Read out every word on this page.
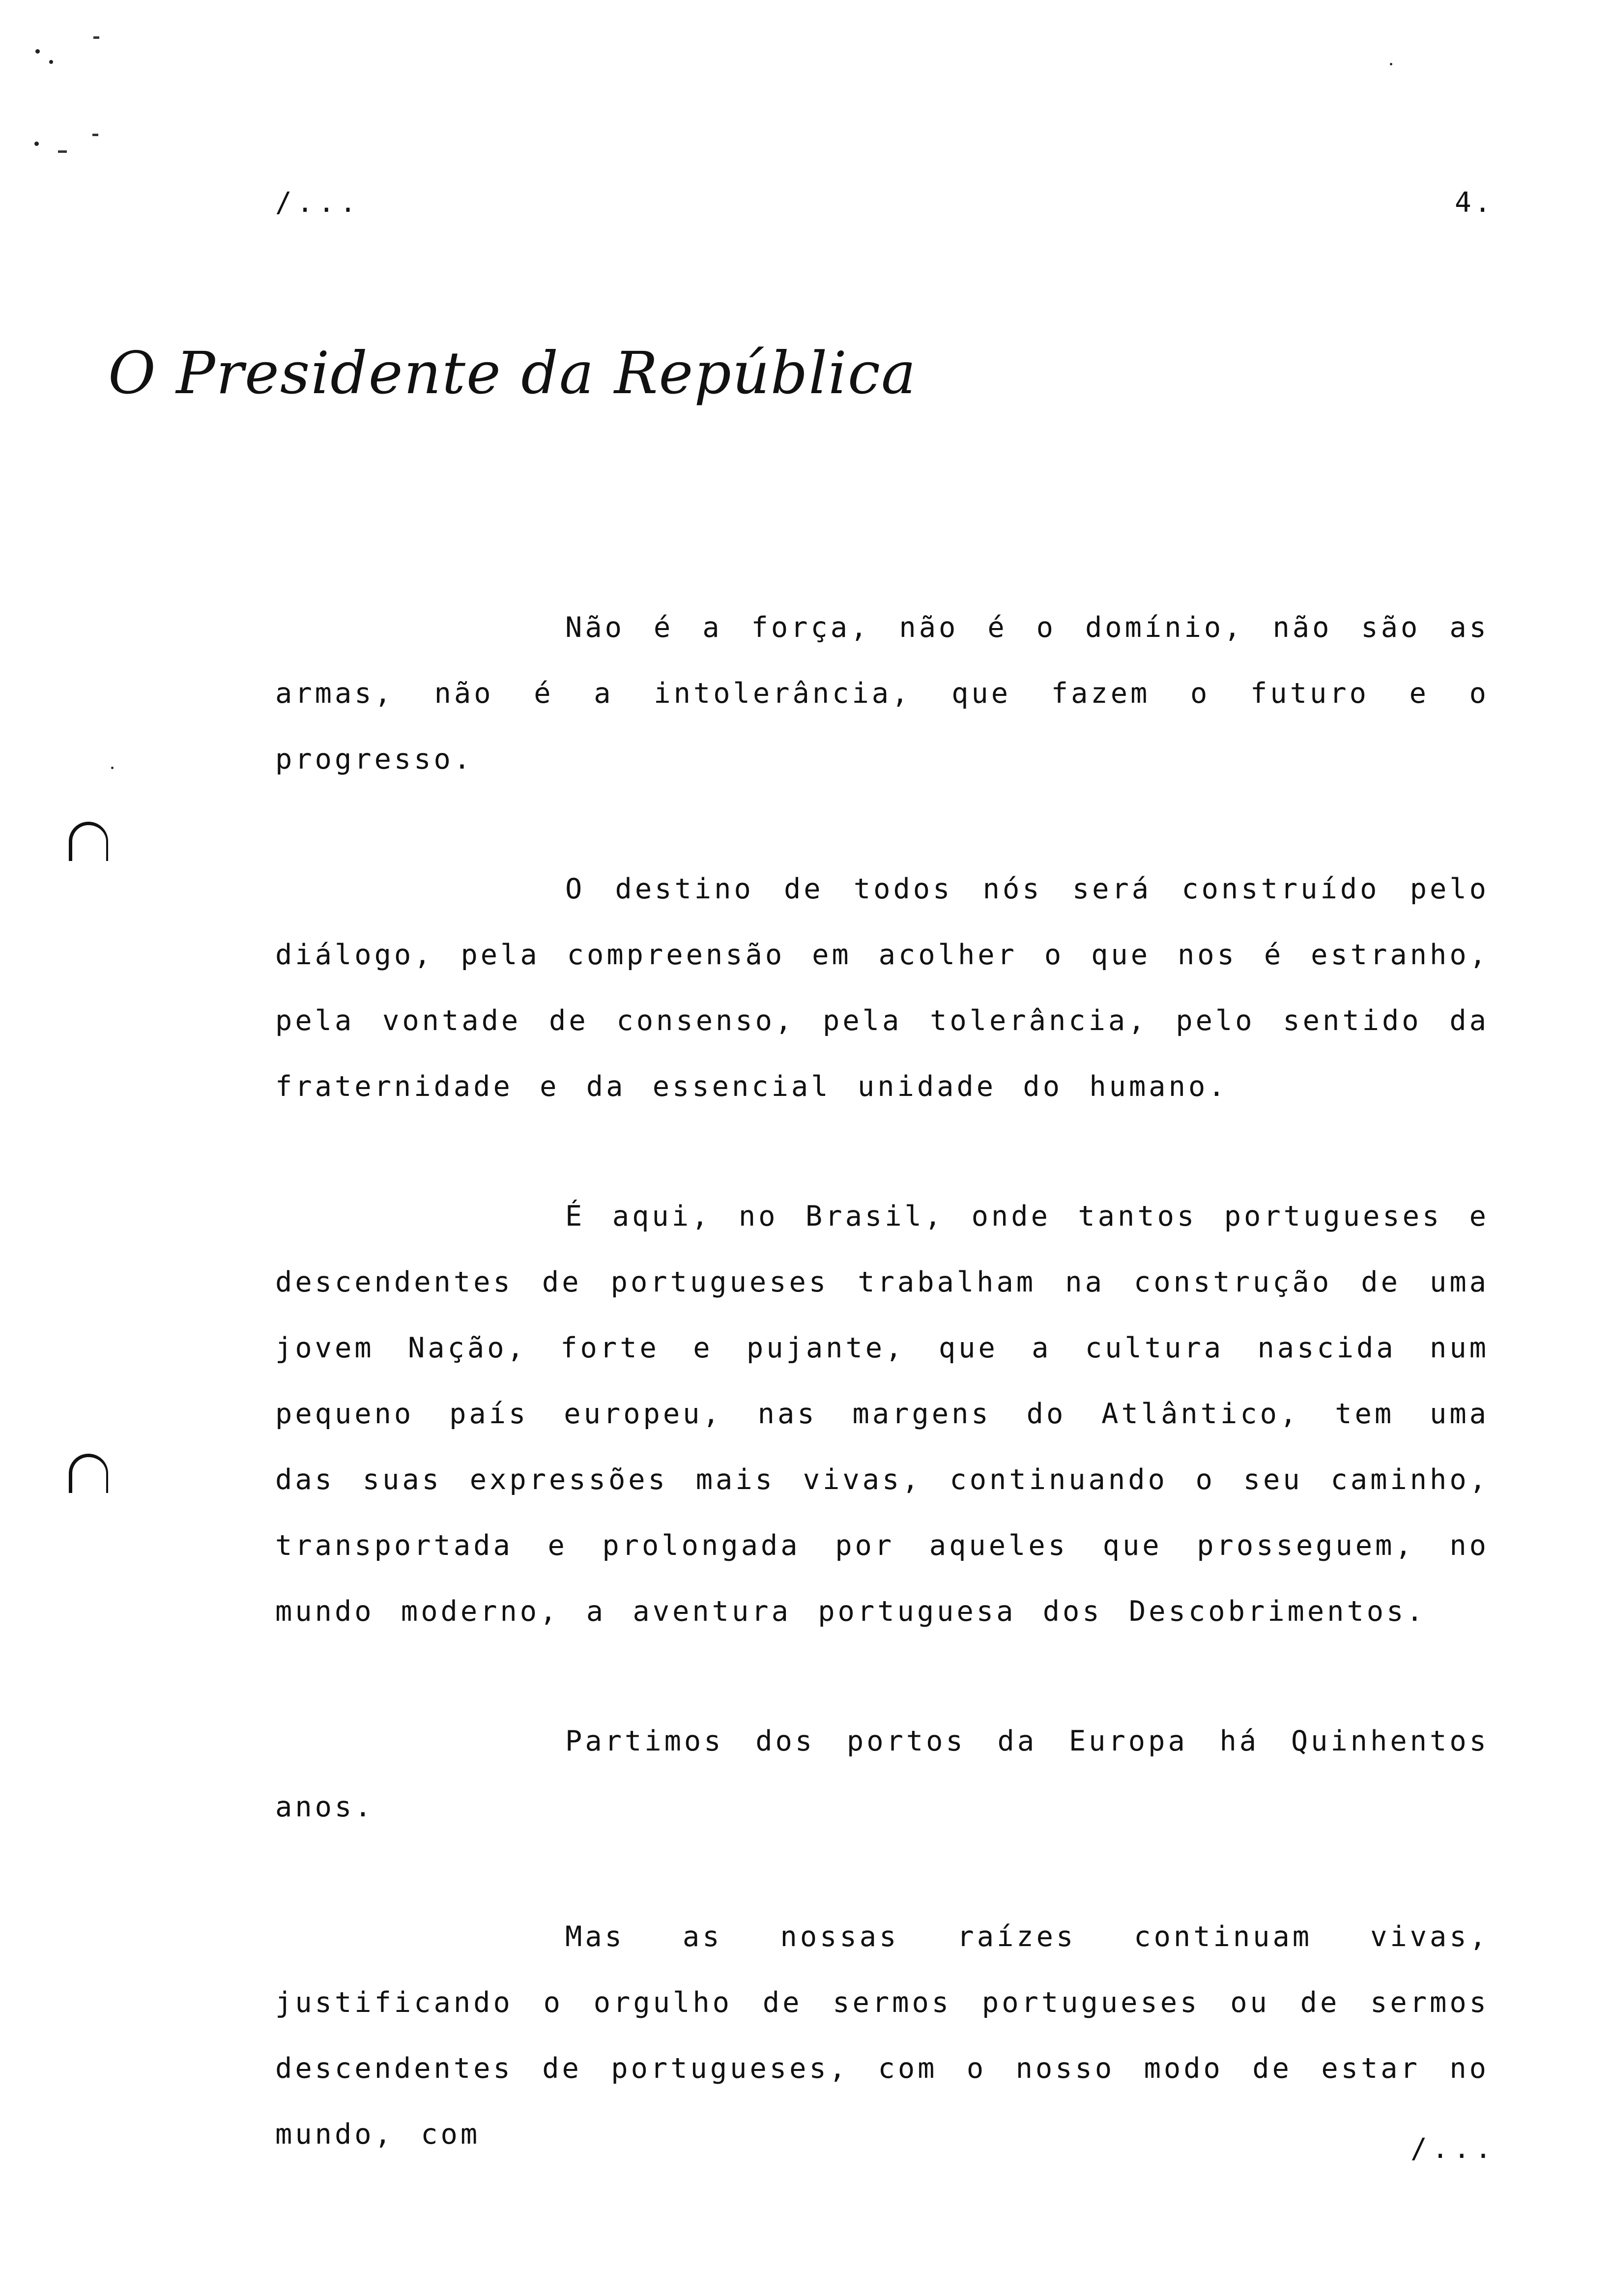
/...	4.
O Presidente da República

Não é a força, não é o domínio, não são as armas, não é a intolerância, que fazem o futuro e o progresso.

O destino de todos nós será construído pelo diálogo, pela compreensão em acolher o que nos é estranho, pela vontade de consenso, pela tolerância, pelo sentido da fraternidade e da essencial unidade do humano.

É aqui, no Brasil, onde tantos portugueses e descendentes de portugueses trabalham na construção de uma jovem Nação, forte e pujante, que a cultura nascida num pequeno país europeu, nas margens do Atlântico, tem uma das suas expressões mais vivas, continuando o seu caminho, transportada e prolongada por aqueles que prosseguem, no mundo moderno, a aventura portuguesa dos Descobrimentos.

Partimos dos portos da Europa há Quinhentos anos.

Mas as nossas raízes continuam vivas, justificando o orgulho de sermos portugueses ou de sermos descendentes de portugueses, com o nosso modo de estar no mundo, com	/...
